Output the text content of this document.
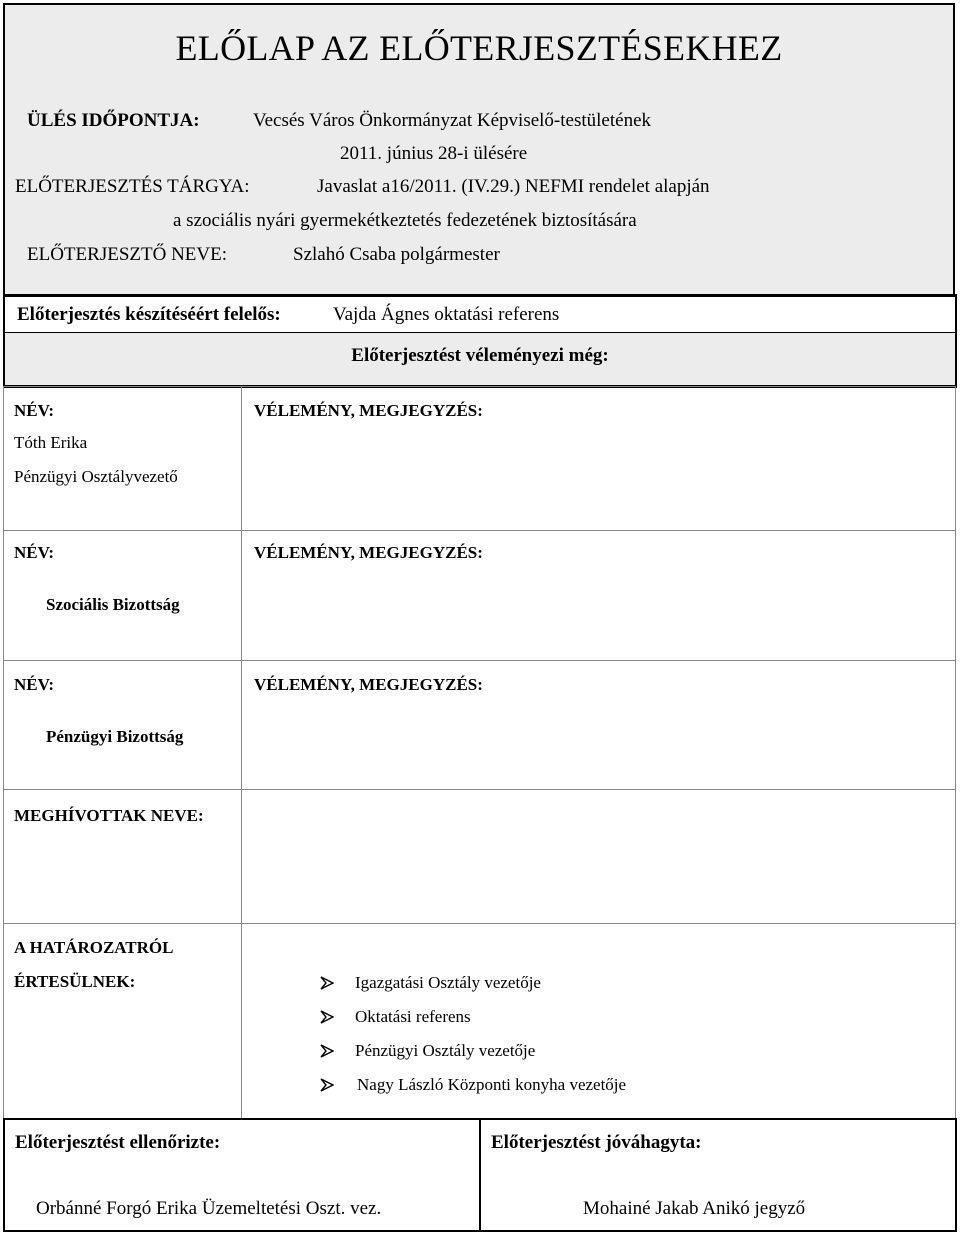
ELŐLAP AZ ELŐTERJESZTÉSEKHEZ
ÜLÉS IDŐPONTJA:	Vecsés Város Önkormányzat Képviselő-testületének
2011. június 28-i ülésére
ELŐTERJESZTÉS TÁRGYA:	Javaslat a16/2011. (IV.29.) NEFMI rendelet alapján
a szociális nyári gyermekétkeztetés fedezetének biztosítására
ELŐTERJESZTŐ NEVE:	Szlahó Csaba polgármester
Előterjesztés készítéséért felelős:	Vajda Ágnes oktatási referens
Előterjesztést véleményezi még:
NÉV:
Tóth Erika
Pénzügyi Osztályvezető
VÉLEMÉNY, MEGJEGYZÉS:
NÉV:
Szociális Bizottság
VÉLEMÉNY, MEGJEGYZÉS:
NÉV:
Pénzügyi Bizottság
VÉLEMÉNY, MEGJEGYZÉS:
MEGHÍVOTTAK NEVE:
A HATÁROZATRÓL
ÉRTESÜLNEK:	Igazgatási Osztály vezetője
Oktatási referens
Pénzügyi Osztály vezetője
Nagy László Központi konyha vezetője
Előterjesztést ellenőrizte:
Orbánné Forgó Erika Üzemeltetési Oszt. vez.
Előterjesztést jóváhagyta:
Mohainé Jakab Anikó jegyző
